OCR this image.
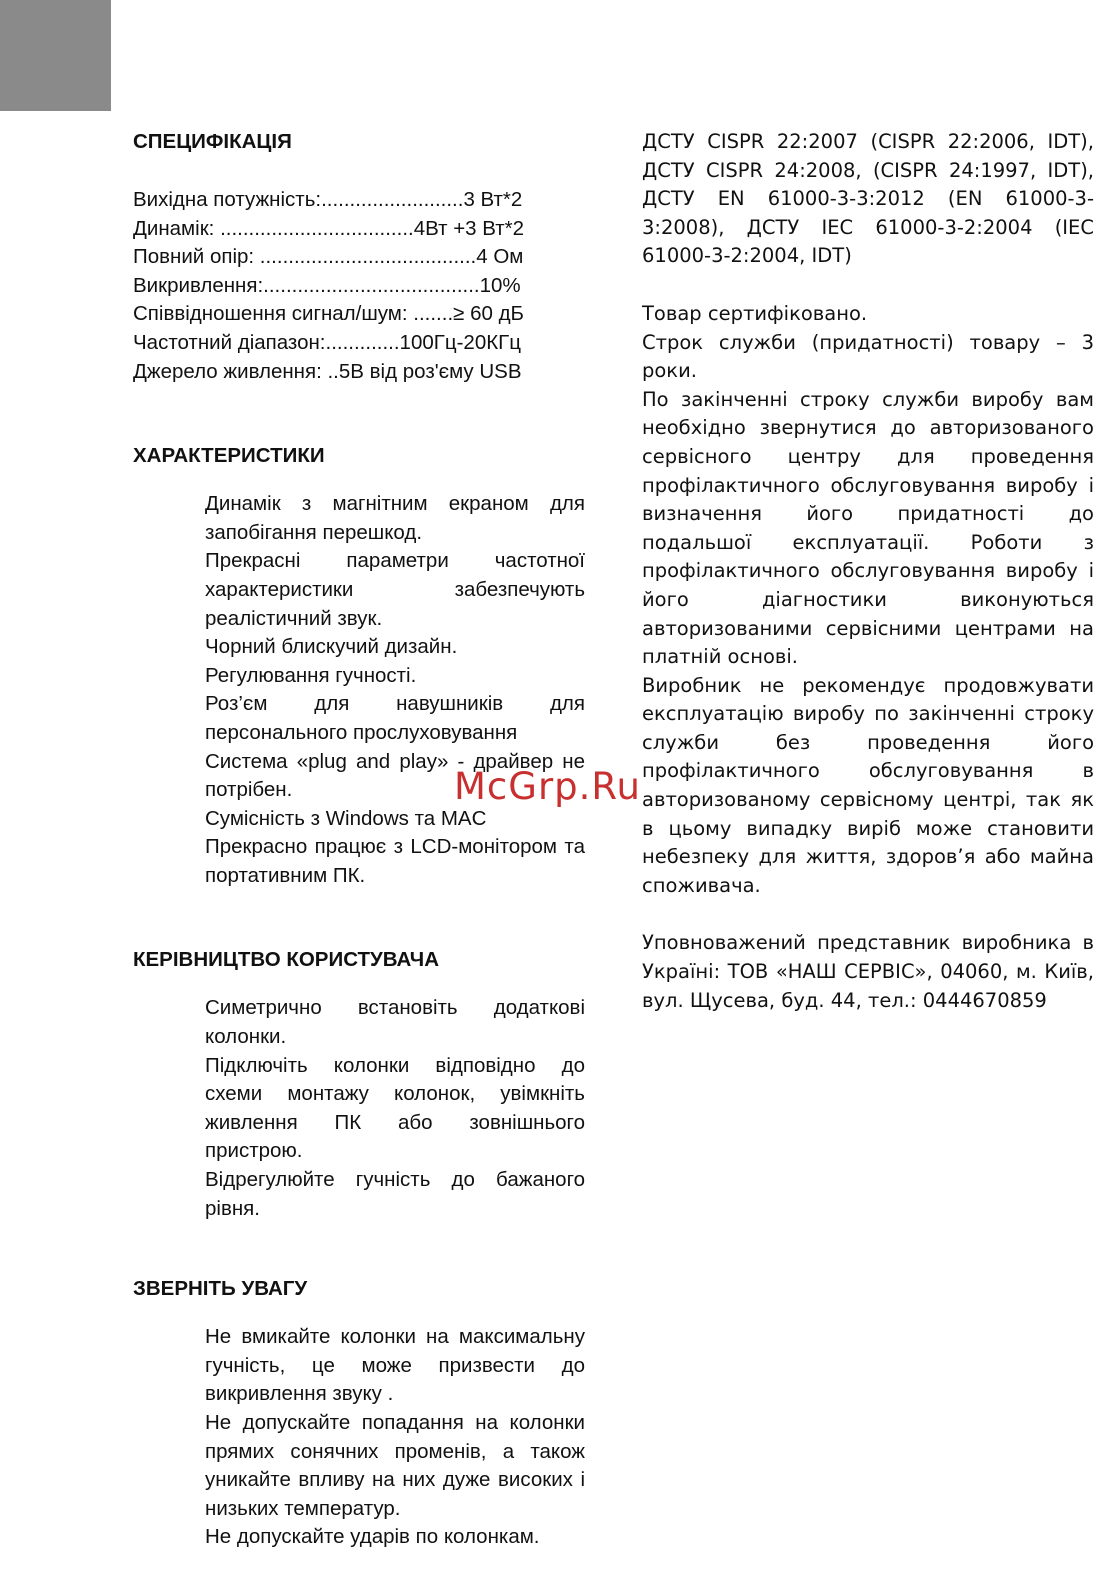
СПЕЦИФІКАЦІЯ
Вихідна потужність:.........................3 Вт*2
Динамік: ..................................4Вт +3 Вт*2
Повний опір: ......................................4 Ом
Викривлення:......................................10%
Співвідношення сигнал/шум: .......≥ 60 дБ
Частотний діапазон:.............100Гц-20КГц
Джерело живлення: ..5В від роз'єму USB
ХАРАКТЕРИСТИКИ

Динамік з магнітним екраном для запобігання перешкод.

Прекрасні параметри частотної характеристики забезпечують реалістичний звук.

Чорний блискучий дизайн.

Регулювання гучності.

Роз’єм для навушників для персонального прослуховування

Система «plug and play» - драйвер не потрібен.

Сумісність з Windows та MAC

Прекрасно працює з LCD-монітором та портативним ПК.

КЕРІВНИЦТВО КОРИСТУВАЧА

Симетрично встановіть додаткові колонки.

Підключіть колонки відповідно до схеми монтажу колонок, увімкніть живлення ПК або зовнішнього пристрою.

Відрегулюйте гучність до бажаного рівня.

ЗВЕРНІТЬ УВАГУ

Не вмикайте колонки на максимальну гучність, це може призвести до викривлення звуку .

Не допускайте попадання на колонки прямих сонячних променів, а також уникайте впливу на них дуже високих і низьких температур.

Не допускайте ударів по колонкам.

ДСТУ CISPR 22:2007 (CISPR 22:2006, IDT), ДСТУ CISPR 24:2008, (CISPR 24:1997, IDT), ДСТУ EN 61000-3-3:2012 (EN 61000-3-3:2008), ДСТУ IEC 61000-3-2:2004 (IEC 61000-3-2:2004, IDT)

Товар сертифіковано.

Строк служби (придатності) товару – 3 роки.

По закінченні строку служби виробу вам необхідно звернутися до авторизованого сервісного центру для проведення профілактичного обслуговування виробу і визначення його придатності до подальшої експлуатації. Роботи з профілактичного обслуговування виробу і його діагностики виконуються авторизованими сервісними центрами на платній основі.

Виробник не рекомендує продовжувати експлуатацію виробу по закінченні строку служби без проведення його профілактичного обслуговування в авторизованому сервісному центрі, так як в цьому випадку виріб може становити небезпеку для життя, здоров’я або майна споживача.

Уповноважений представник виробника в Україні: ТОВ «НАШ СЕРВІС», 04060, м. Київ, вул. Щусева, буд. 44, тел.: 0444670859

McGrp.Ru
